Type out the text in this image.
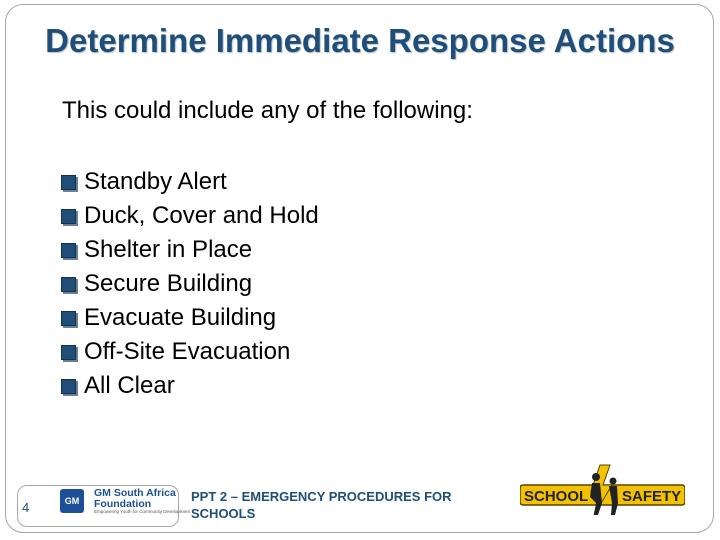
Determine Immediate Response Actions
This could include any of the following:
Standby Alert
Duck, Cover and Hold
Shelter in Place
Secure Building
Evacuate Building
Off-Site Evacuation
All Clear
4	GM
GM South Africa
Foundation
Empowering Youth for Community Development
PPT 2 – EMERGENCY PROCEDURES FOR SCHOOLS
SCHOOL SAFETY
